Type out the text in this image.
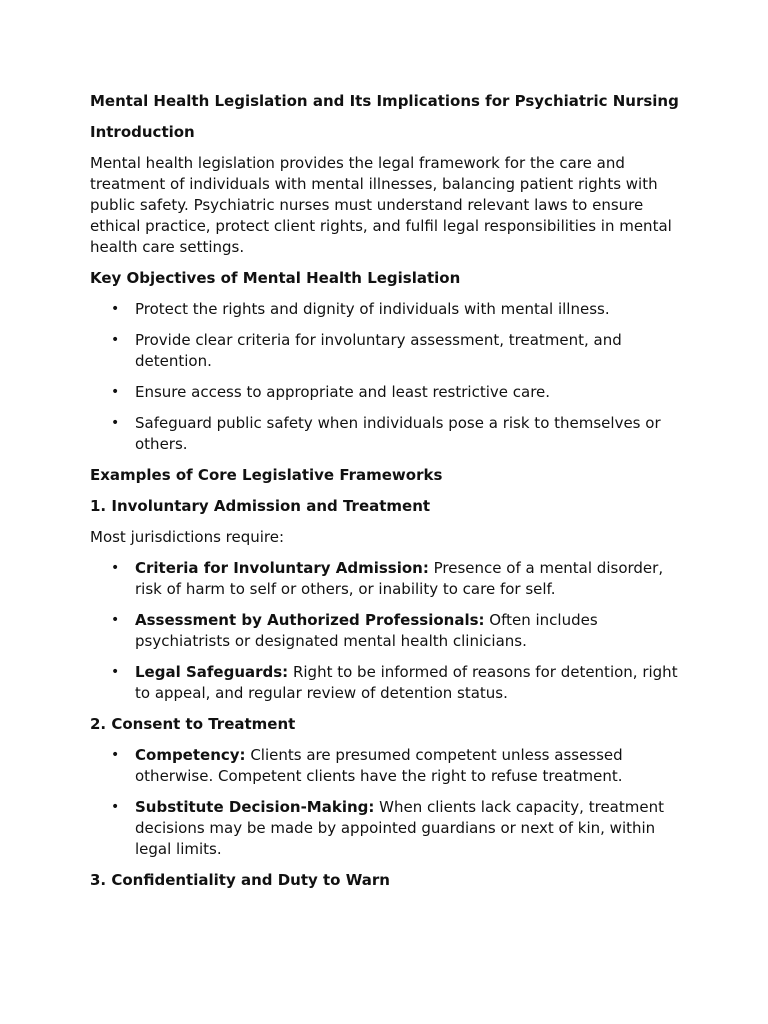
Mental Health Legislation and Its Implications for Psychiatric Nursing
Introduction
Mental health legislation provides the legal framework for the care and treatment of individuals with mental illnesses, balancing patient rights with public safety. Psychiatric nurses must understand relevant laws to ensure ethical practice, protect client rights, and fulfil legal responsibilities in mental health care settings.
Key Objectives of Mental Health Legislation
• Protect the rights and dignity of individuals with mental illness.
• Provide clear criteria for involuntary assessment, treatment, and detention.
• Ensure access to appropriate and least restrictive care.
• Safeguard public safety when individuals pose a risk to themselves or others.
Examples of Core Legislative Frameworks
1. Involuntary Admission and Treatment
Most jurisdictions require:
• Criteria for Involuntary Admission: Presence of a mental disorder, risk of harm to self or others, or inability to care for self.
• Assessment by Authorized Professionals: Often includes psychiatrists or designated mental health clinicians.
• Legal Safeguards: Right to be informed of reasons for detention, right to appeal, and regular review of detention status.
2. Consent to Treatment
• Competency: Clients are presumed competent unless assessed otherwise. Competent clients have the right to refuse treatment.
• Substitute Decision-Making: When clients lack capacity, treatment decisions may be made by appointed guardians or next of kin, within legal limits.
3. Confidentiality and Duty to Warn
